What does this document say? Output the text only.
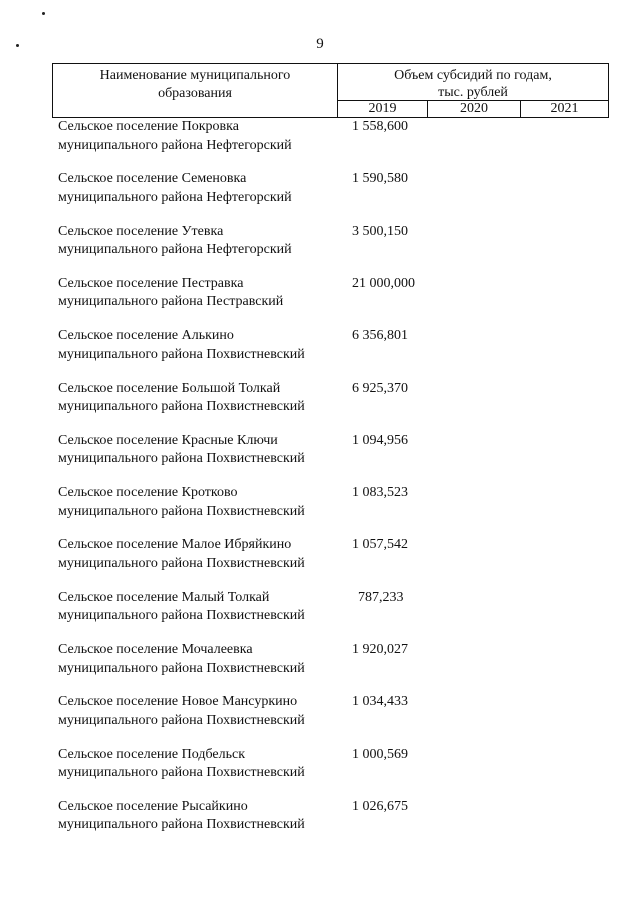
9
Наименование муниципального
образования
Объем субсидий по годам,
тыс. рублей
2019	2020	2021
Сельское поселение Покровка
муниципального района Нефтегорский
1 558,600
Сельское поселение Семеновка
муниципального района Нефтегорский
1 590,580
Сельское поселение Утевка
муниципального района Нефтегорский
3 500,150
Сельское поселение Пестравка
муниципального района Пестравский
21 000,000
Сельское поселение Алькино
муниципального района Похвистневский
6 356,801
Сельское поселение Большой Толкай
муниципального района Похвистневский
6 925,370
Сельское поселение Красные Ключи
муниципального района Похвистневский
1 094,956
Сельское поселение Кротково
муниципального района Похвистневский
1 083,523
Сельское поселение Малое Ибряйкино
муниципального района Похвистневский
1 057,542
Сельское поселение Малый Толкай
муниципального района Похвистневский
787,233
Сельское поселение Мочалеевка
муниципального района Похвистневский
1 920,027
Сельское поселение Новое Мансуркино
муниципального района Похвистневский
1 034,433
Сельское поселение Подбельск
муниципального района Похвистневский
1 000,569
Сельское поселение Рысайкино
муниципального района Похвистневский
1 026,675
